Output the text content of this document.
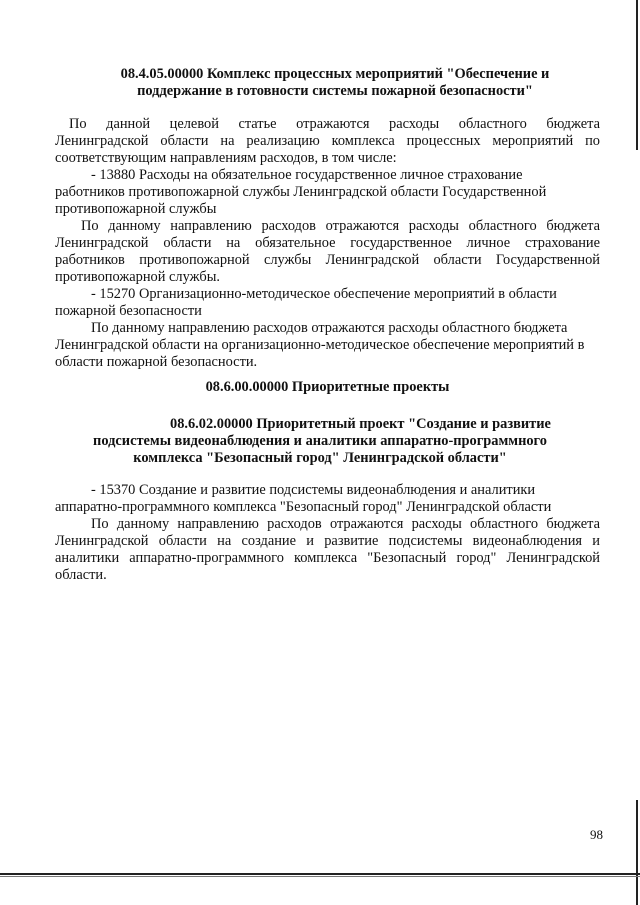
08.4.05.00000 Комплекс процессных мероприятий "Обеспечение и
поддержание в готовности системы пожарной безопасности"
По данной целевой статье отражаются расходы областного бюджета
Ленинградской области на реализацию комплекса процессных мероприятий по
соответствующим направлениям расходов, в том числе:
- 13880 Расходы на обязательное государственное личное страхование
работников противопожарной службы Ленинградской области Государственной
противопожарной службы
По данному направлению расходов отражаются расходы областного бюджета
Ленинградской области на обязательное государственное личное страхование
работников противопожарной службы Ленинградской области Государственной
противопожарной службы.
- 15270 Организационно-методическое обеспечение мероприятий в области
пожарной безопасности
По данному направлению расходов отражаются расходы областного бюджета
Ленинградской области на организационно-методическое обеспечение мероприятий в
области пожарной безопасности.
08.6.00.00000 Приоритетные проекты
08.6.02.00000 Приоритетный проект "Создание и развитие
подсистемы видеонаблюдения и аналитики аппаратно-программного
комплекса "Безопасный город" Ленинградской области"
- 15370 Создание и развитие подсистемы видеонаблюдения и аналитики
аппаратно-программного комплекса "Безопасный город" Ленинградской области
По данному направлению расходов отражаются расходы областного бюджета
Ленинградской области на создание и развитие подсистемы видеонаблюдения и
аналитики аппаратно-программного комплекса "Безопасный город" Ленинградской
области.
98
